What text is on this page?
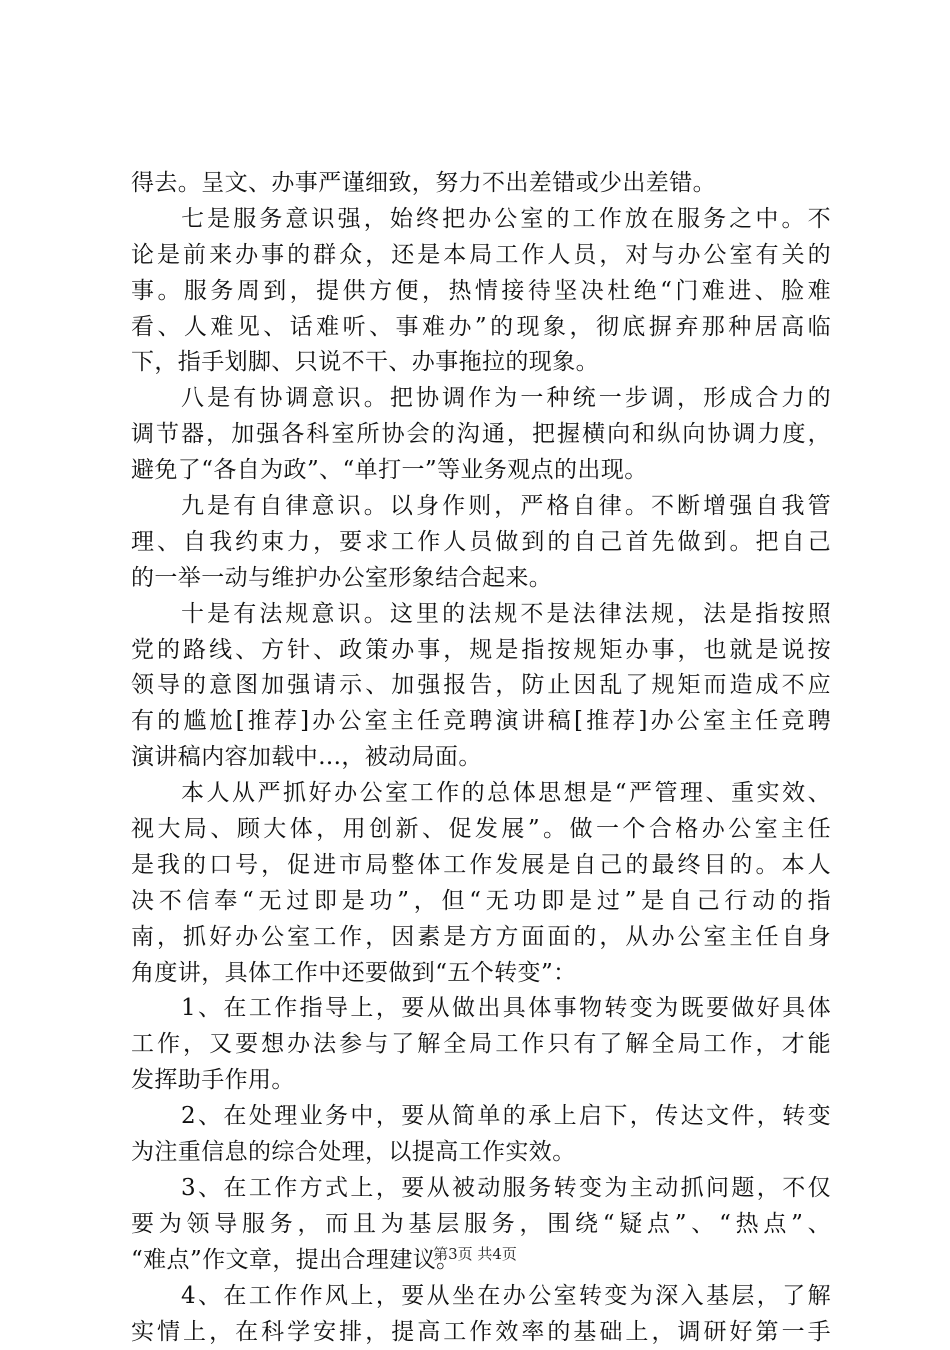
得去。呈文、办事严谨细致，努力不出差错或少出差错。
七是服务意识强，始终把办公室的工作放在服务之中。不
论是前来办事的群众，还是本局工作人员，对与办公室有关的
事。服务周到，提供方便，热情接待坚决杜绝“门难进、脸难
看、人难见、话难听、事难办”的现象，彻底摒弃那种居高临
下，指手划脚、只说不干、办事拖拉的现象。
八是有协调意识。把协调作为一种统一步调，形成合力的
调节器，加强各科室所协会的沟通，把握横向和纵向协调力度，
避免了“各自为政”、“单打一”等业务观点的出现。
九是有自律意识。以身作则，严格自律。不断增强自我管
理、自我约束力，要求工作人员做到的自己首先做到。把自己
的一举一动与维护办公室形象结合起来。
十是有法规意识。这里的法规不是法律法规，法是指按照
党的路线、方针、政策办事，规是指按规矩办事，也就是说按
领导的意图加强请示、加强报告，防止因乱了规矩而造成不应
有的尴尬[推荐]办公室主任竞聘演讲稿[推荐]办公室主任竞聘
演讲稿内容加载中...，被动局面。
本人从严抓好办公室工作的总体思想是“严管理、重实效、
视大局、顾大体，用创新、促发展”。做一个合格办公室主任
是我的口号，促进市局整体工作发展是自己的最终目的。本人
决不信奉“无过即是功”，但“无功即是过”是自己行动的指
南，抓好办公室工作，因素是方方面面的，从办公室主任自身
角度讲，具体工作中还要做到“五个转变”：
1、在工作指导上，要从做出具体事物转变为既要做好具体
工作，又要想办法参与了解全局工作只有了解全局工作，才能
发挥助手作用。
2、在处理业务中，要从简单的承上启下，传达文件，转变
为注重信息的综合处理，以提高工作实效。
3、在工作方式上，要从被动服务转变为主动抓问题，不仅
要为领导服务，而且为基层服务，围绕“疑点”、“热点”、
“难点”作文章，提出合理建议。
4、在工作作风上，要从坐在办公室转变为深入基层，了解
实情上，在科学安排，提高工作效率的基础上，调研好第一手
第3页 共4页
